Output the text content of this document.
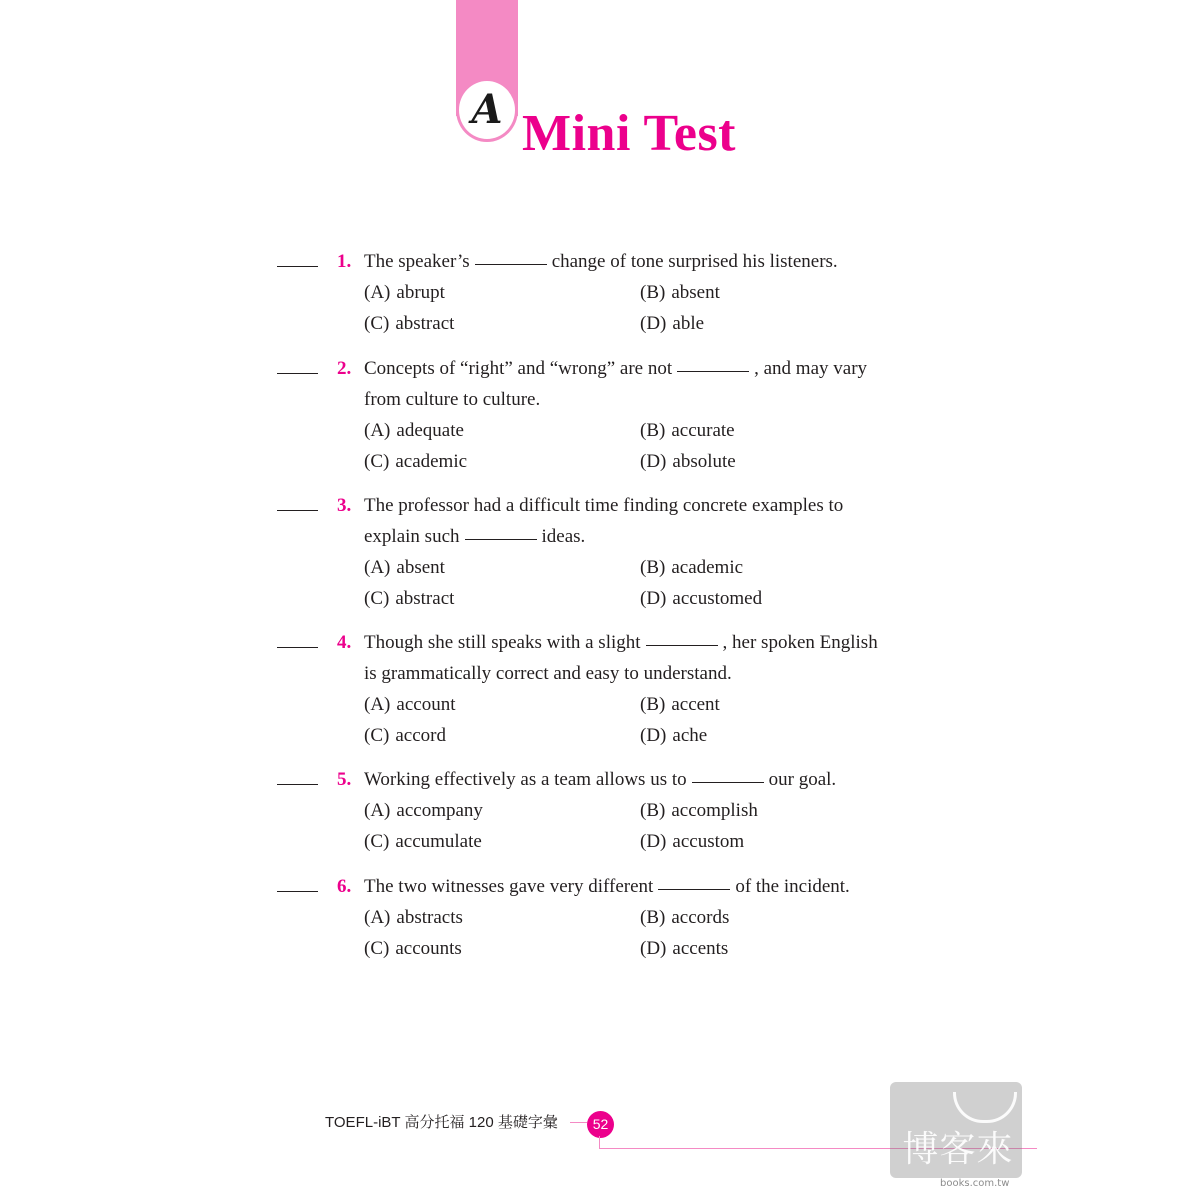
A Mini Test
1. The speaker’s	change of tone surprised his listeners.
(A) abrupt	(B) absent
(C) abstract	(D) able
2. Concepts of “right” and “wrong” are not	, and may vary
from culture to culture.
(A) adequate	(B) accurate
(C) academic	(D) absolute
3. The professor had a difficult time finding concrete examples to
explain such	ideas.
(A) absent	(B) academic
(C) abstract	(D) accustomed
4. Though she still speaks with a slight	, her spoken English
is grammatically correct and easy to understand.
(A) account	(B) accent
(C) accord	(D) ache
5. Working effectively as a team allows us to	our goal.
(A) accompany	(B) accomplish
(C) accumulate	(D) accustom
6. The two witnesses gave very different	of the incident.
(A) abstracts	(B) accords
(C) accounts	(D) accents
TOEFL-iBT 高分托福 120 基礎字彙	52
博客來
books.com.tw
